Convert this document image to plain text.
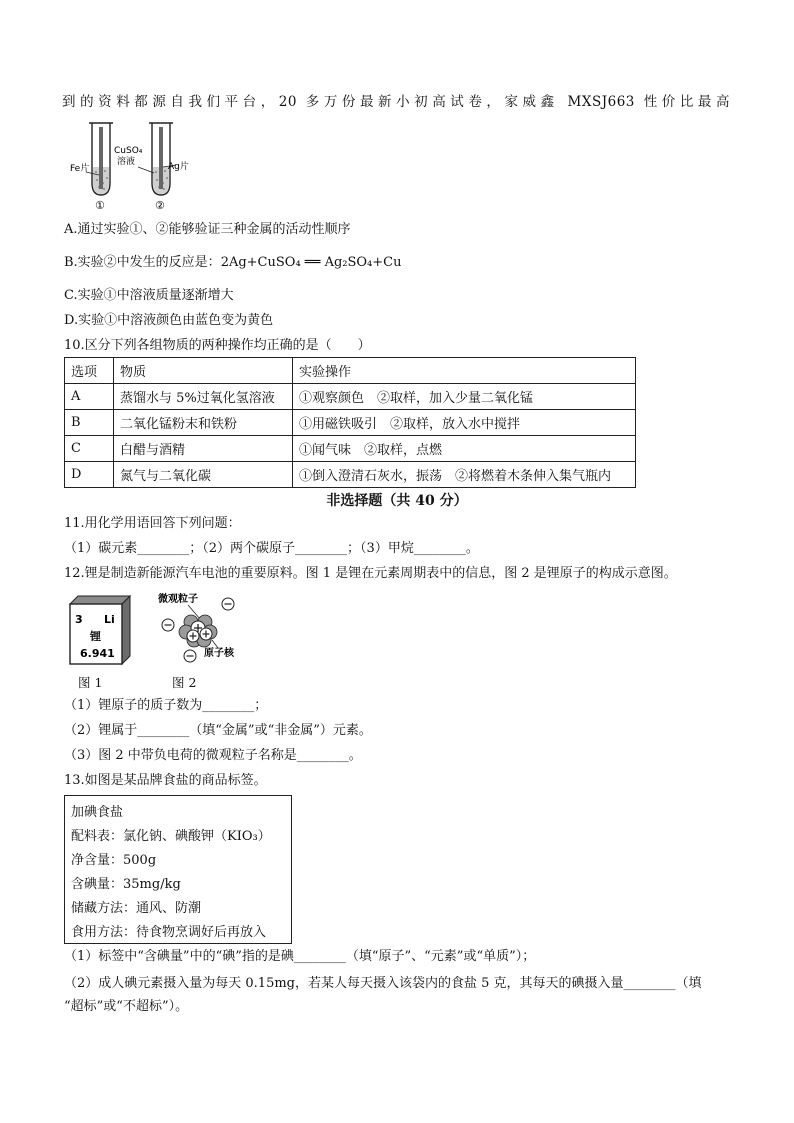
到的资料都源自我们平台，20 多万份最新小初高试卷，家威鑫 MXSJ663 性价比最高
Fe片
CuSO₄
溶液	Ag片
①	②
A.通过实验①、②能够验证三种金属的活动性顺序
B.实验②中发生的反应是：2Ag+CuSO₄ ══ Ag₂SO₄+Cu
C.实验①中溶液质量逐渐增大
D.实验①中溶液颜色由蓝色变为黄色
10.区分下列各组物质的两种操作均正确的是（　　）
选项	物质	实验操作
A	蒸馏水与 5%过氧化氢溶液	①观察颜色　②取样，加入少量二氧化锰
B	二氧化锰粉末和铁粉	①用磁铁吸引　②取样，放入水中搅拌
C	白醋与酒精	①闻气味　②取样，点燃
D	氮气与二氧化碳	①倒入澄清石灰水，振荡　②将燃着木条伸入集气瓶内
非选择题（共 40 分）
11.用化学用语回答下列问题：
（1）碳元素________；（2）两个碳原子________；（3）甲烷________。
12.锂是制造新能源汽车电池的重要原料。图 1 是锂在元素周期表中的信息，图 2 是锂原子的构成示意图。
3 Li
锂
6.941
微观粒子
原子核
图 1	图 2
（1）锂原子的质子数为________；
（2）锂属于________（填“金属”或“非金属”）元素。
（3）图 2 中带负电荷的微观粒子名称是________。
13.如图是某品牌食盐的商品标签。
加碘食盐
配料表：氯化钠、碘酸钾（KIO₃）
净含量：500g
含碘量：35mg/kg
储藏方法：通风、防潮
食用方法：待食物烹调好后再放入
（1）标签中“含碘量”中的“碘”指的是碘________（填“原子”、“元素”或“单质”）；
（2）成人碘元素摄入量为每天 0.15mg，若某人每天摄入该袋内的食盐 5 克，其每天的碘摄入量________（填
“超标”或“不超标”）。
